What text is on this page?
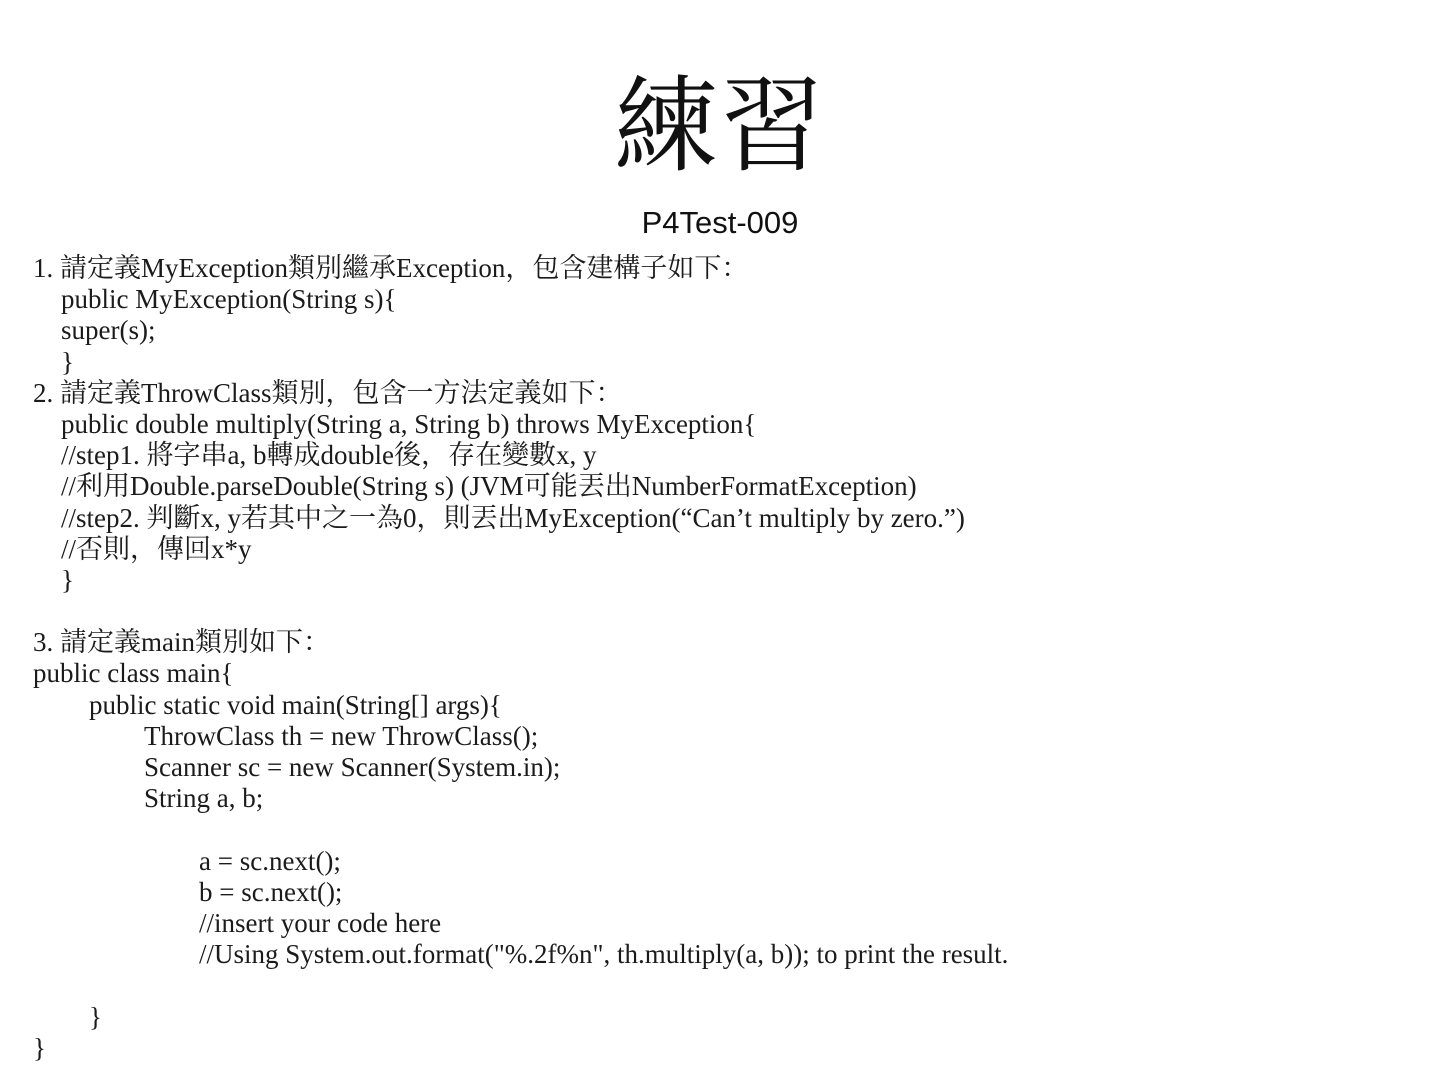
練習
P4Test-009
1. 請定義MyException類別繼承Exception，包含建構子如下：
public MyException(String s){
super(s);
}
2. 請定義ThrowClass類別，包含一方法定義如下：
public double multiply(String a, String b) throws MyException{
//step1. 將字串a, b轉成double後，存在變數x, y
//利用Double.parseDouble(String s) (JVM可能丟出NumberFormatException)
//step2. 判斷x, y若其中之一為0，則丟出MyException(“Can’t multiply by zero.”)
//否則，傳回x*y
}
3. 請定義main類別如下：
public class main{
public static void main(String[] args){
ThrowClass th = new ThrowClass();
Scanner sc = new Scanner(System.in);
String a, b;
a = sc.next();
b = sc.next();
//insert your code here
//Using System.out.format("%.2f%n", th.multiply(a, b)); to print the result.
}
}
